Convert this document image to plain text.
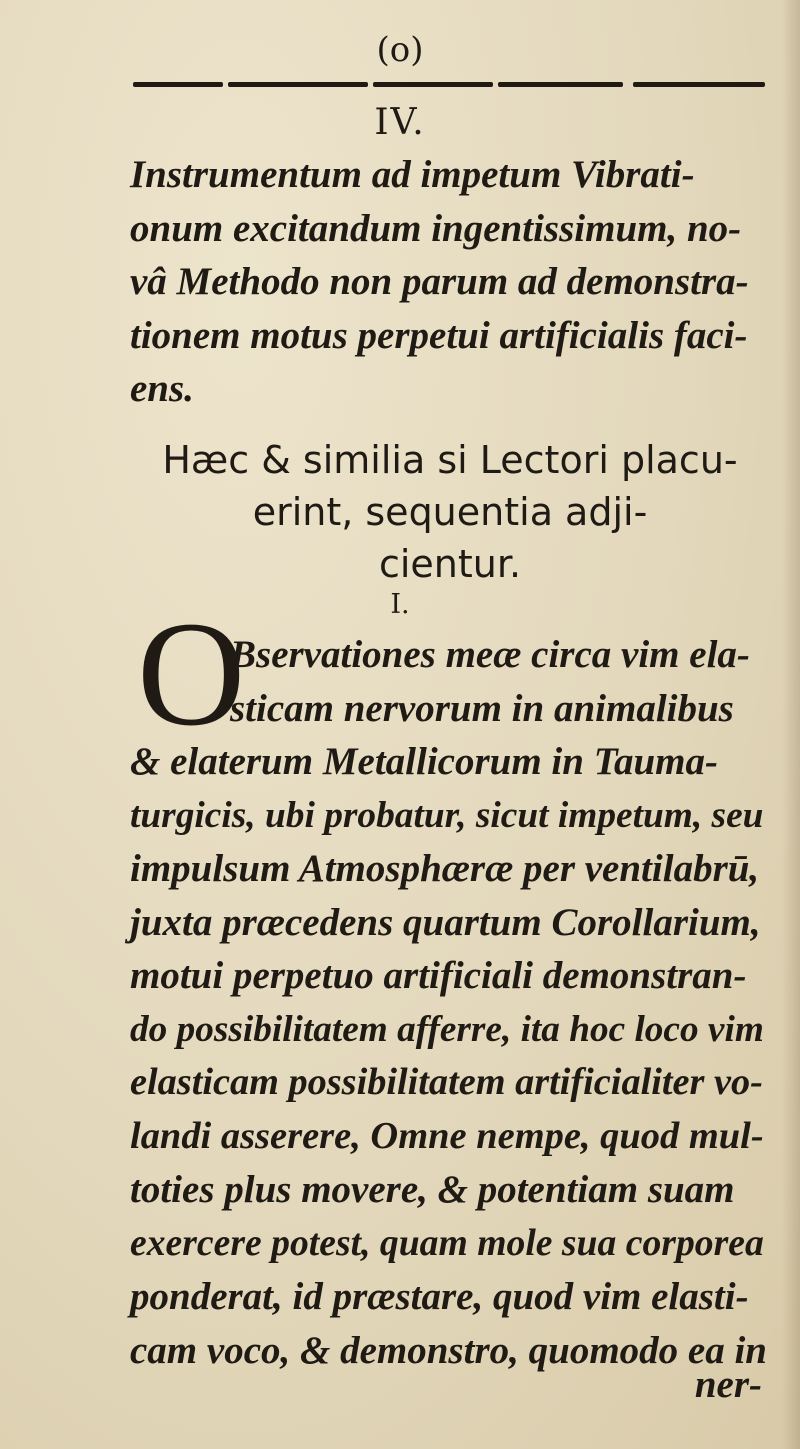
(o)
IV.
Instrumentum ad impetum Vibrati-
onum excitandum ingentissimum, no-
vâ Methodo non parum ad demonstra-
tionem motus perpetui artificialis faci-
ens.
Hæc & similia si Lectori placu-
erint, sequentia adji-
cientur.
I.
O
Bservationes meæ circa vim ela-
sticam nervorum in animalibus
& elaterum Metallicorum in Tauma-
turgicis, ubi probatur, sicut impetum, seu
impulsum Atmosphæræ per ventilabrū,
juxta præcedens quartum Corollarium,
motui perpetuo artificiali demonstran-
do possibilitatem afferre, ita hoc loco vim
elasticam possibilitatem artificialiter vo-
landi asserere, Omne nempe, quod mul-
toties plus movere, & potentiam suam
exercere potest, quam mole sua corporea
ponderat, id præstare, quod vim elasti-
cam voco, & demonstro, quomodo ea in
ner-
